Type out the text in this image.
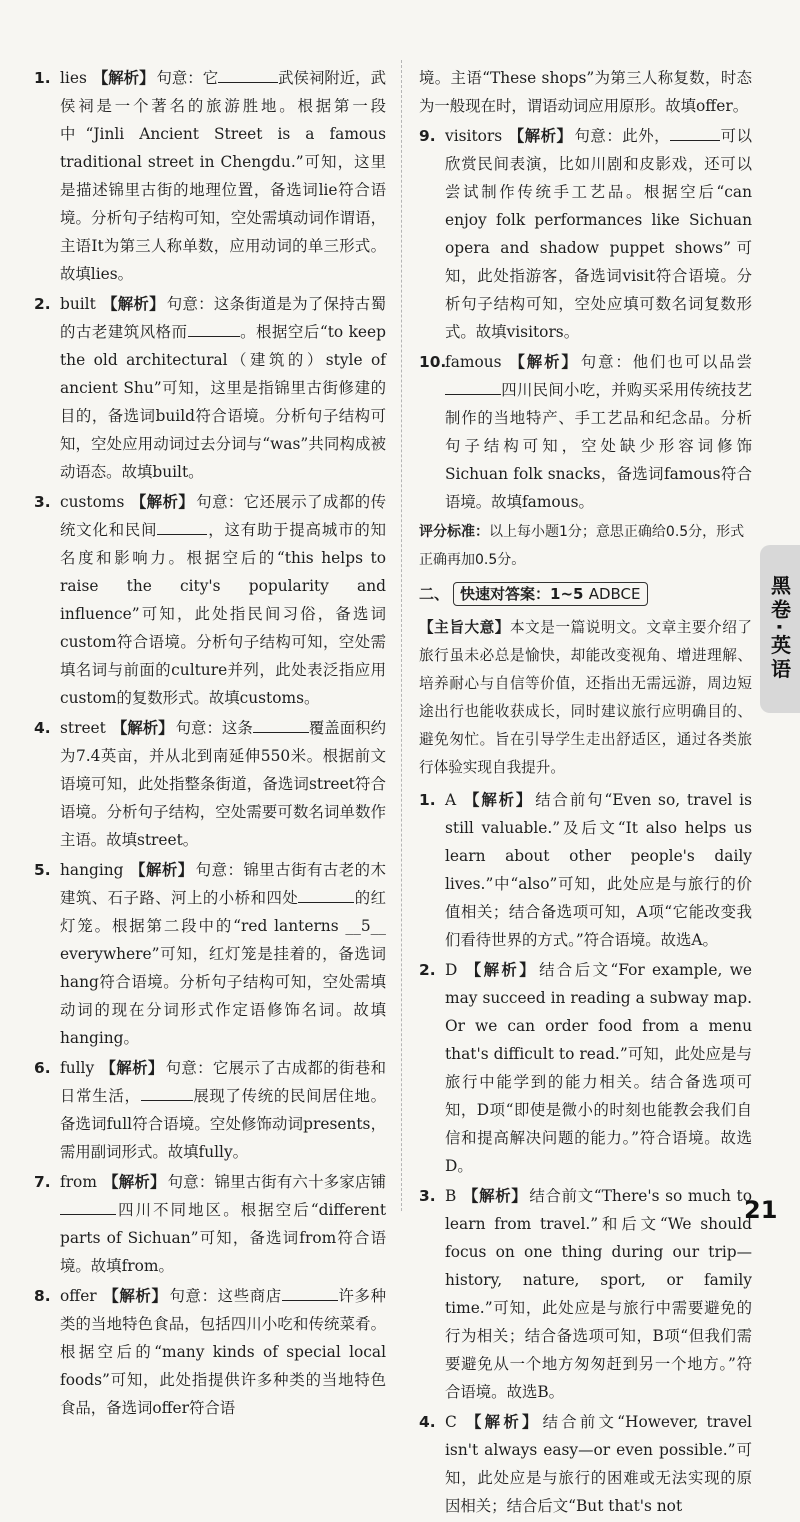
1. lies 【解析】 句意：它	武侯祠附近，武侯祠是一个著名的旅游胜地。根据第一段中“Jinli Ancient Street is a famous traditional street in Chengdu.”可知，这里是描述锦里古街的地理位置，备选词lie符合语境。分析句子结构可知，空处需填动词作谓语，主语It为第三人称单数，应用动词的单三形式。故填lies。

2. built 【解析】 句意：这条街道是为了保持古蜀的古老建筑风格而	。根据空后“to keep the old architectural（建筑的）style of ancient Shu”可知，这里是指锦里古街修建的目的，备选词build符合语境。分析句子结构可知，空处应用动词过去分词与“was”共同构成被动语态。故填built。

3. customs 【解析】 句意：它还展示了成都的传统文化和民间	，这有助于提高城市的知名度和影响力。根据空后的“this helps to raise the city's popularity and influence”可知，此处指民间习俗，备选词custom符合语境。分析句子结构可知，空处需填名词与前面的culture并列，此处表泛指应用custom的复数形式。故填customs。

4. street 【解析】 句意：这条	覆盖面积约为7.4英亩，并从北到南延伸550米。根据前文语境可知，此处指整条街道，备选词street符合语境。分析句子结构，空处需要可数名词单数作主语。故填street。

5. hanging 【解析】 句意：锦里古街有古老的木建筑、石子路、河上的小桥和四处	的红灯笼。根据第二段中的“red lanterns __5__ everywhere”可知，红灯笼是挂着的，备选词hang符合语境。分析句子结构可知，空处需填动词的现在分词形式作定语修饰名词。故填hanging。

6. fully 【解析】 句意：它展示了古成都的街巷和日常生活，	展现了传统的民间居住地。备选词full符合语境。空处修饰动词presents，需用副词形式。故填fully。

7. from 【解析】 句意：锦里古街有六十多家店铺四川不同地区。根据空后“different parts of Sichuan”可知，备选词from符合语境。故填from。

8. offer 【解析】 句意：这些商店	许多种类的当地特色食品，包括四川小吃和传统菜肴。根据空后的“many kinds of special local foods”可知，此处指提供许多种类的当地特色食品，备选词offer符合语

境。主语“These shops”为第三人称复数，时态为一般现在时，谓语动词应用原形。故填offer。

9. visitors 【解析】 句意：此外，	可以欣赏民间表演，比如川剧和皮影戏，还可以尝试制作传统手工艺品。根据空后“can enjoy folk performances like Sichuan opera and shadow puppet shows”可知，此处指游客，备选词visit符合语境。分析句子结构可知，空处应填可数名词复数形式。故填visitors。

10.famous 【解析】 句意：他们也可以品尝四川民间小吃，并购买采用传统技艺制作的当地特产、手工艺品和纪念品。分析句子结构可知，空处缺少形容词修饰Sichuan folk snacks，备选词famous符合语境。故填famous。

评分标准：以上每小题1分；意思正确给0.5分，形式正确再加0.5分。

二、 快速对答案：1~5 ADBCE

【主旨大意】本文是一篇说明文。文章主要介绍了旅行虽未必总是愉快，却能改变视角、增进理解、培养耐心与自信等价值，还指出无需远游，周边短途出行也能收获成长，同时建议旅行应明确目的、避免匆忙。旨在引导学生走出舒适区，通过各类旅行体验实现自我提升。

1. A 【解析】 结合前句“Even so, travel is still valuable.”及后文“It also helps us learn about other people's daily lives.”中“also”可知，此处应是与旅行的价值相关；结合备选项可知，A项“它能改变我们看待世界的方式。”符合语境。故选A。

2. D 【解析】 结合后文“For example, we may succeed in reading a subway map. Or we can order food from a menu that's difficult to read.”可知，此处应是与旅行中能学到的能力相关。结合备选项可知，D项“即使是微小的时刻也能教会我们自信和提高解决问题的能力。”符合语境。故选D。

3. B 【解析】 结合前文“There's so much to learn from travel.”和后文“We should focus on one thing during our trip—history, nature, sport, or family time.”可知，此处应是与旅行中需要避免的行为相关；结合备选项可知，B项“但我们需要避免从一个地方匆匆赶到另一个地方。”符合语境。故选B。

4. C 【解析】 结合前文“However, travel isn't always easy—or even possible.”可知，此处应是与旅行的困难或无法实现的原因相关；结合后文“But that's not

黑卷·英语
21
